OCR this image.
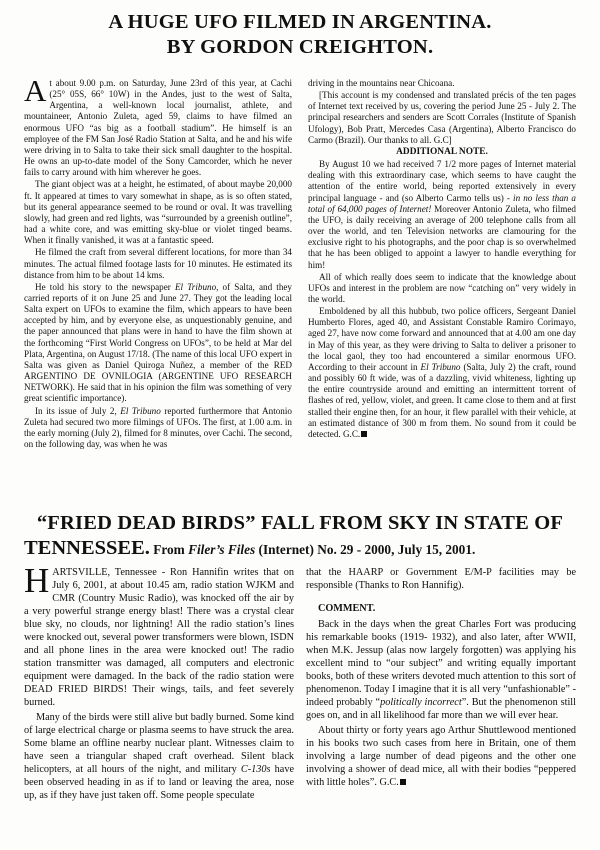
A HUGE UFO FILMED IN ARGENTINA.
BY GORDON CREIGHTON.

At about 9.00 p.m. on Saturday, June 23rd of this year, at Cachi (25° 05S, 66° 10W) in the Andes, just to the west of Salta, Argentina, a well-known local journalist, athlete, and mountaineer, Antonio Zuleta, aged 59, claims to have filmed an enormous UFO “as big as a football stadium”. He himself is an employee of the FM San José Radio Station at Salta, and he and his wife were driving in to Salta to take their sick small daughter to the hospital. He owns an up-to-date model of the Sony Camcorder, which he never fails to carry around with him wherever he goes.

The giant object was at a height, he estimated, of about maybe 20,000 ft. It appeared at times to vary somewhat in shape, as is so often stated, but its general appearance seemed to be round or oval. It was travelling slowly, had green and red lights, was “surrounded by a greenish outline”, had a white core, and was emitting sky-blue or violet tinged beams. When it finally vanished, it was at a fantastic speed.

He filmed the craft from several different locations, for more than 34 minutes. The actual filmed footage lasts for 10 minutes. He estimated its distance from him to be about 14 kms.

He told his story to the newspaper El Tribuno, of Salta, and they carried reports of it on June 25 and June 27. They got the leading local Salta expert on UFOs to examine the film, which appears to have been accepted by him, and by everyone else, as unquestionably genuine, and the paper announced that plans were in hand to have the film shown at the forthcoming “First World Congress on UFOs”, to be held at Mar del Plata, Argentina, on August 17/18. (The name of this local UFO expert in Salta was given as Daniel Quiroga Nuñez, a member of the RED ARGENTINO DE OVNILOGIA (ARGENTINE UFO RESEARCH NETWORK). He said that in his opinion the film was something of very great scientific importance).

In its issue of July 2, El Tribuno reported furthermore that Antonio Zuleta had secured two more filmings of UFOs. The first, at 1.00 a.m. in the early morning (July 2), filmed for 8 minutes, over Cachi. The second, on the following day, was when he was

driving in the mountains near Chicoana.

[This account is my condensed and translated précis of the ten pages of Internet text received by us, covering the period June 25 - July 2. The principal researchers and senders are Scott Corrales (Institute of Spanish Ufology), Bob Pratt, Mercedes Casa (Argentina), Alberto Francisco do Carmo (Brazil). Our thanks to all. G.C]

ADDITIONAL NOTE.

By August 10 we had received 7 1/2 more pages of Internet material dealing with this extraordinary case, which seems to have caught the attention of the entire world, being reported extensively in every principal language - and (so Alberto Carmo tells us) - in no less than a total of 64,000 pages of Internet! Moreover Antonio Zuleta, who filmed the UFO, is daily receiving an average of 200 telephone calls from all over the world, and ten Television networks are clamouring for the exclusive right to his photographs, and the poor chap is so overwhelmed that he has been obliged to appoint a lawyer to handle everything for him!

All of which really does seem to indicate that the knowledge about UFOs and interest in the problem are now “catching on” very widely in the world.

Emboldened by all this hubbub, two police officers, Sergeant Daniel Humberto Flores, aged 40, and Assistant Constable Ramiro Corimayo, aged 27, have now come forward and announced that at 4.00 am one day in May of this year, as they were driving to Salta to deliver a prisoner to the local gaol, they too had encountered a similar enormous UFO. According to their account in El Tribuno (Salta, July 2) the craft, round and possibly 60 ft wide, was of a dazzling, vivid whiteness, lighting up the entire countryside around and emitting an intermittent torrent of flashes of red, yellow, violet, and green. It came close to them and at first stalled their engine then, for an hour, it flew parallel with their vehicle, at an estimated distance of 300 m from them. No sound from it could be detected. G.C.

“FRIED DEAD BIRDS” FALL FROM SKY IN STATE OF
TENNESSEE. From Filer’s Files (Internet) No. 29 - 2000, July 15, 2001.

HARTSVILLE, Tennessee - Ron Hannifin writes that on July 6, 2001, at about 10.45 am, radio station WJKM and CMR (Country Music Radio), was knocked off the air by a very powerful strange energy blast! There was a crystal clear blue sky, no clouds, nor lightning! All the radio station’s lines were knocked out, several power transformers were blown, ISDN and all phone lines in the area were knocked out! The radio station transmitter was damaged, all computers and electronic equipment were damaged. In the back of the radio station were DEAD FRIED BIRDS! Their wings, tails, and feet severely burned.

Many of the birds were still alive but badly burned. Some kind of large electrical charge or plasma seems to have struck the area. Some blame an offline nearby nuclear plant. Witnesses claim to have seen a triangular shaped craft overhead. Silent black helicopters, at all hours of the night, and military C-130s have been observed heading in as if to land or leaving the area, nose up, as if they have just taken off. Some people speculate

that the HAARP or Government E/M-P facilities may be responsible (Thanks to Ron Hannifig).

COMMENT.

Back in the days when the great Charles Fort was producing his remarkable books (1919- 1932), and also later, after WWII, when M.K. Jessup (alas now largely forgotten) was applying his excellent mind to “our subject” and writing equally important books, both of these writers devoted much attention to this sort of phenomenon. Today I imagine that it is all very “unfashionable” - indeed probably “politically incorrect”. But the phenomenon still goes on, and in all likelihood far more than we will ever hear.

About thirty or forty years ago Arthur Shuttlewood mentioned in his books two such cases from here in Britain, one of them involving a large number of dead pigeons and the other one involving a shower of dead mice, all with their bodies “peppered with little holes”. G.C.
